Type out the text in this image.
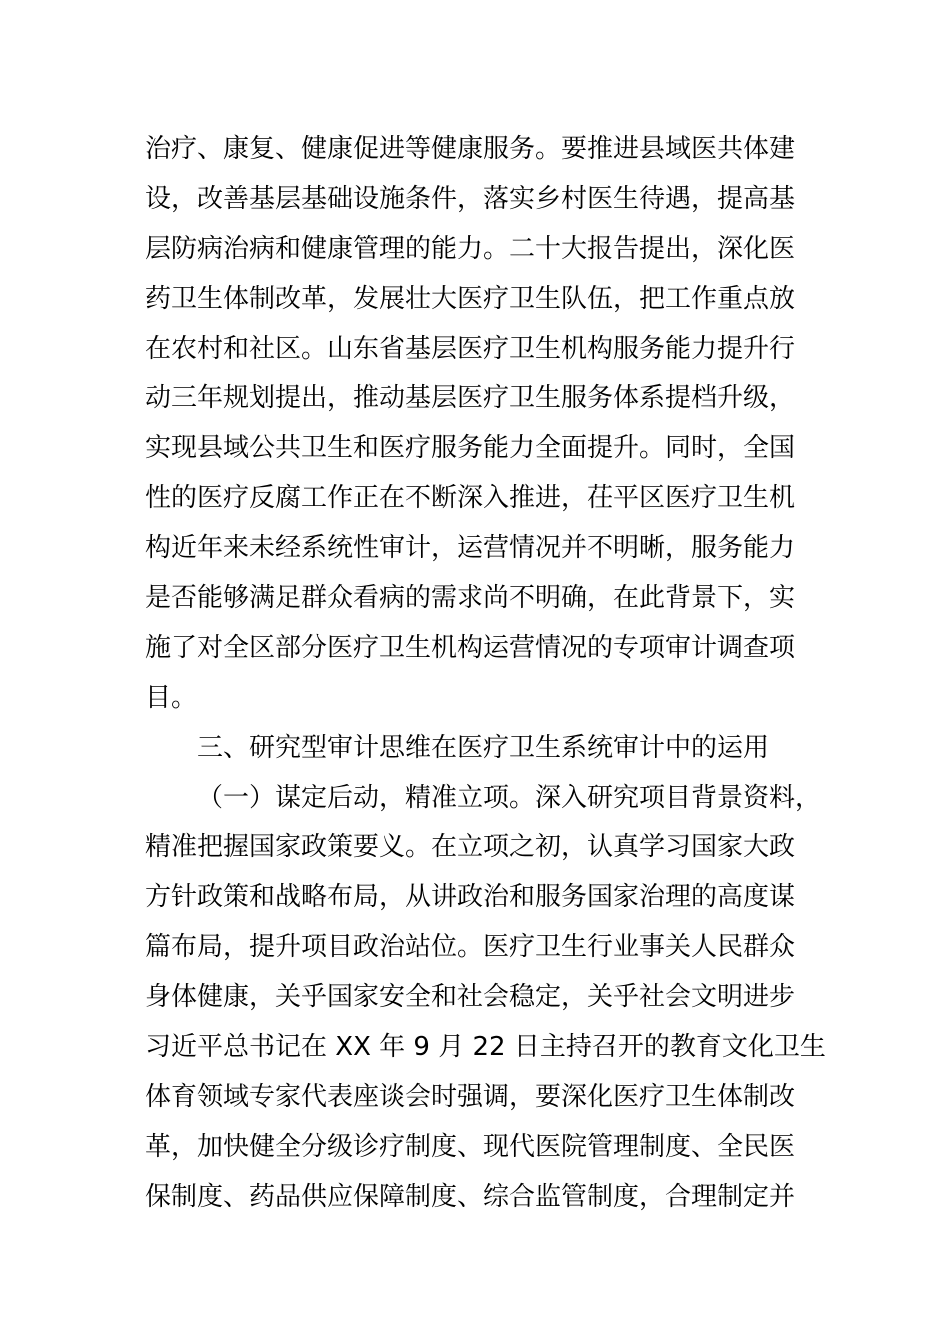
治疗、康复、健康促进等健康服务。要推进县域医共体建
设，改善基层基础设施条件，落实乡村医生待遇，提高基
层防病治病和健康管理的能力。二十大报告提出，深化医
药卫生体制改革，发展壮大医疗卫生队伍，把工作重点放
在农村和社区。山东省基层医疗卫生机构服务能力提升行
动三年规划提出，推动基层医疗卫生服务体系提档升级，
实现县域公共卫生和医疗服务能力全面提升。同时，全国
性的医疗反腐工作正在不断深入推进，茌平区医疗卫生机
构近年来未经系统性审计，运营情况并不明晰，服务能力
是否能够满足群众看病的需求尚不明确，在此背景下，实
施了对全区部分医疗卫生机构运营情况的专项审计调查项
目。
三、研究型审计思维在医疗卫生系统审计中的运用
（一）谋定后动，精准立项。深入研究项目背景资料，
精准把握国家政策要义。在立项之初，认真学习国家大政
方针政策和战略布局，从讲政治和服务国家治理的高度谋
篇布局，提升项目政治站位。医疗卫生行业事关人民群众
身体健康，关乎国家安全和社会稳定，关乎社会文明进步
习近平总书记在 XX 年 9 月 22 日主持召开的教育文化卫生
体育领域专家代表座谈会时强调，要深化医疗卫生体制改
革，加快健全分级诊疗制度、现代医院管理制度、全民医
保制度、药品供应保障制度、综合监管制度，合理制定并
